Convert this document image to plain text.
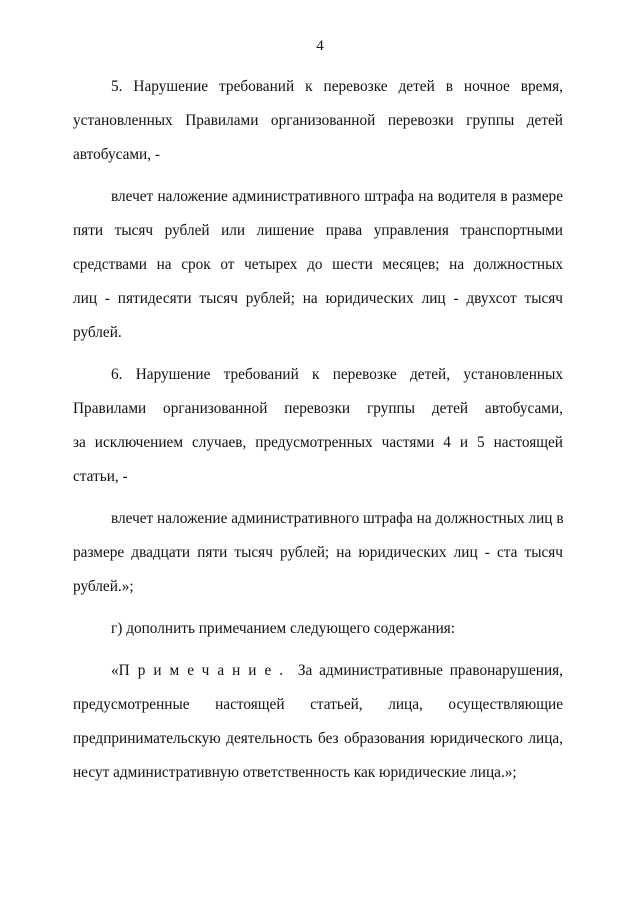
4
5. Нарушение требований к перевозке детей в ночное время,
установленных Правилами организованной перевозки группы детей
автобусами, -
влечет наложение административного штрафа на водителя в размере
пяти тысяч рублей или лишение права управления транспортными
средствами на срок от четырех до шести месяцев; на должностных
лиц - пятидесяти тысяч рублей; на юридических лиц - двухсот тысяч
рублей.
6. Нарушение требований к перевозке детей, установленных
Правилами организованной перевозки группы детей автобусами,
за исключением случаев, предусмотренных частями 4 и 5 настоящей
статьи, -
влечет наложение административного штрафа на должностных лиц в
размере двадцати пяти тысяч рублей; на юридических лиц - ста тысяч
рублей.»;
г) дополнить примечанием следующего содержания:
«Примечание. За административные правонарушения,
предусмотренные настоящей статьей, лица, осуществляющие
предпринимательскую деятельность без образования юридического лица,
несут административную ответственность как юридические лица.»;
